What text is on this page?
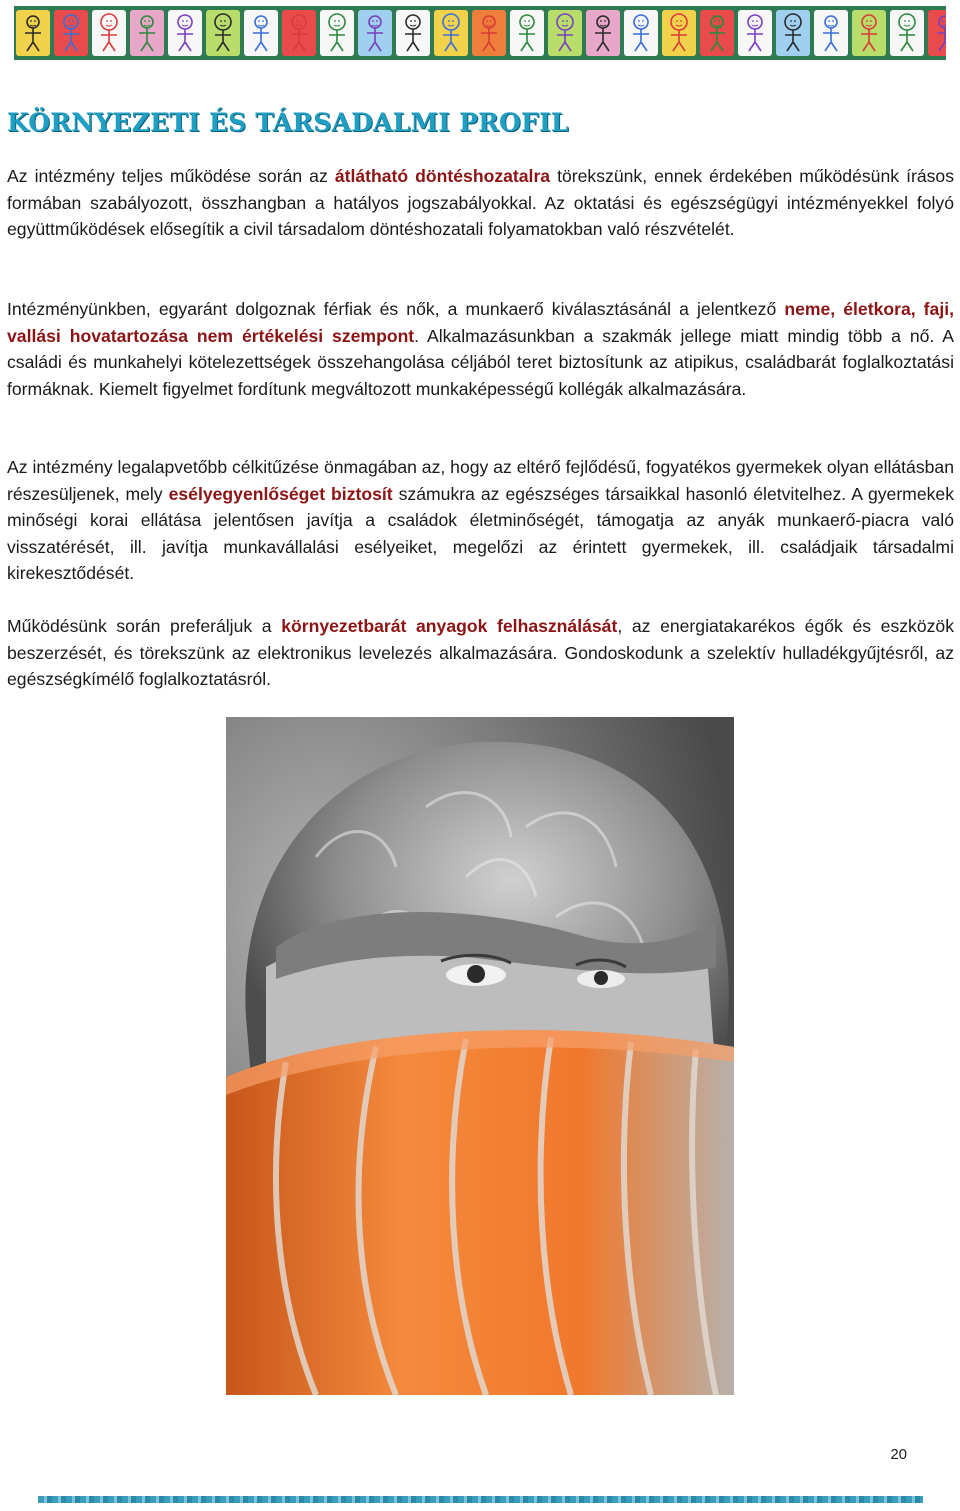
KÖRNYEZETI ÉS TÁRSADALMI PROFIL

Az intézmény teljes működése során az átlátható döntéshozatalra törekszünk, ennek érdekében működésünk írásos formában szabályozott, összhangban a hatályos jogszabályokkal. Az oktatási és egészségügyi intézményekkel folyó együttműködések elősegítik a civil társadalom döntéshozatali folyamatokban való részvételét.

Intézményünkben, egyaránt dolgoznak férfiak és nők, a munkaerő kiválasztásánál a jelentkező neme, életkora, faji, vallási hovatartozása nem értékelési szempont. Alkalmazásunkban a szakmák jellege miatt mindig több a nő. A családi és munkahelyi kötelezettségek összehangolása céljából teret biztosítunk az atipikus, családbarát foglalkoztatási formáknak. Kiemelt figyelmet fordítunk megváltozott munkaképességű kollégák alkalmazására.

Az intézmény legalapvetőbb célkitűzése önmagában az, hogy az eltérő fejlődésű, fogyatékos gyermekek olyan ellátásban részesüljenek, mely esélyegyenlőséget biztosít számukra az egészséges társaikkal hasonló életvitelhez. A gyermekek minőségi korai ellátása jelentősen javítja a családok életminőségét, támogatja az anyák munkaerő-piacra való visszatérését, ill. javítja munkavállalási esélyeiket, megelőzi az érintett gyermekek, ill. családjaik társadalmi kirekesztődését.

Működésünk során preferáljuk a környezetbarát anyagok felhasználását, az energiatakarékos égők és eszközök beszerzését, és törekszünk az elektronikus levelezés alkalmazására. Gondoskodunk a szelektív hulladékgyűjtésről, az egészségkímélő foglalkoztatásról.

20
